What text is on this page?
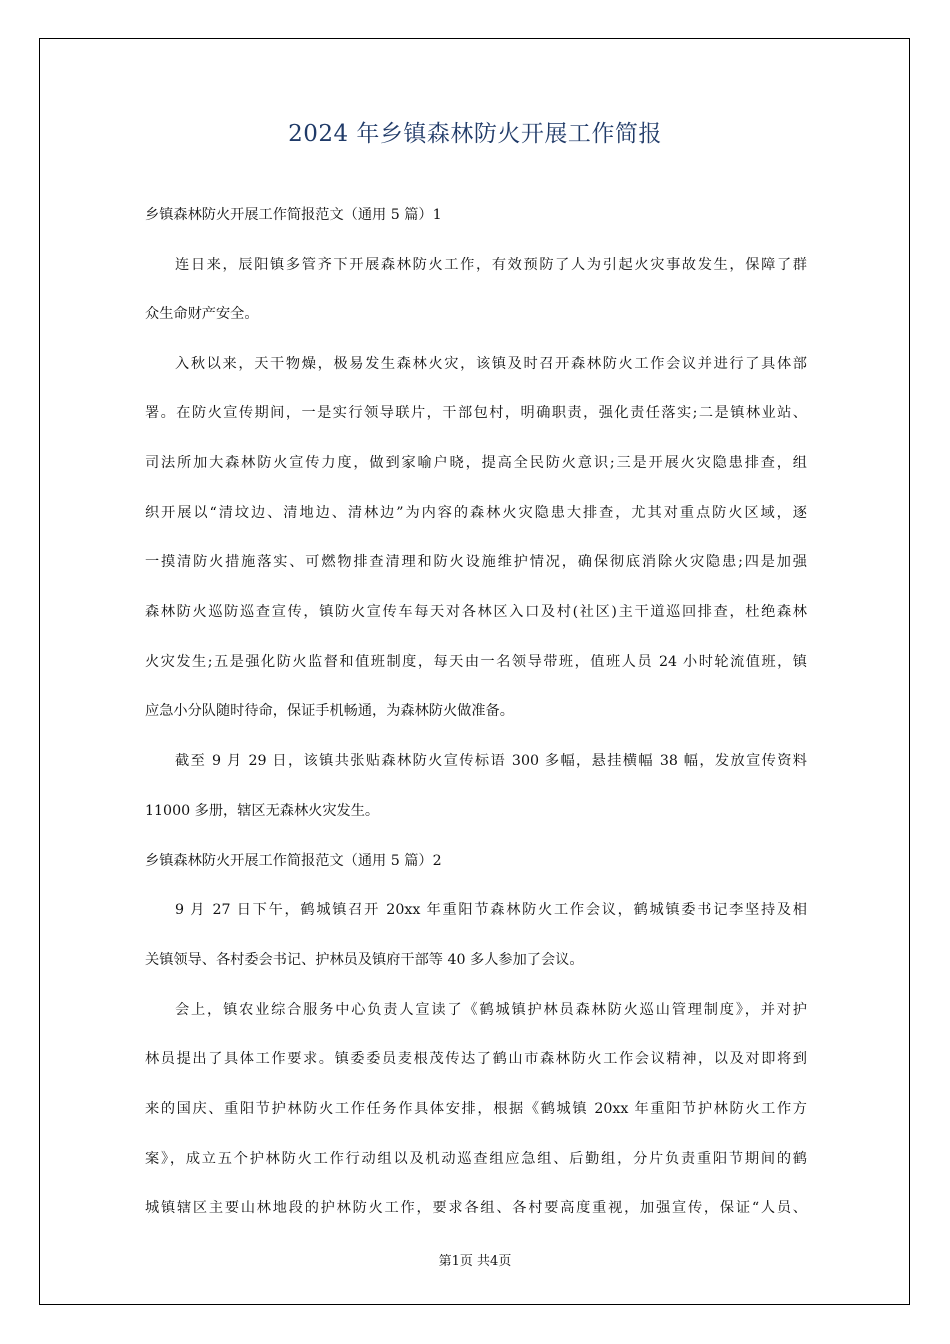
2024 年乡镇森林防火开展工作简报
乡镇森林防火开展工作简报范文（通用 5 篇）1
连日来，辰阳镇多管齐下开展森林防火工作，有效预防了人为引起火灾事故发生，保障了群
众生命财产安全。
入秋以来，天干物燥，极易发生森林火灾，该镇及时召开森林防火工作会议并进行了具体部
署。在防火宣传期间，一是实行领导联片，干部包村，明确职责，强化责任落实;二是镇林业站、
司法所加大森林防火宣传力度，做到家喻户晓，提高全民防火意识;三是开展火灾隐患排查，组
织开展以“清坟边、清地边、清林边”为内容的森林火灾隐患大排查，尤其对重点防火区域，逐
一摸清防火措施落实、可燃物排查清理和防火设施维护情况，确保彻底消除火灾隐患;四是加强
森林防火巡防巡查宣传，镇防火宣传车每天对各林区入口及村(社区)主干道巡回排查，杜绝森林
火灾发生;五是强化防火监督和值班制度，每天由一名领导带班，值班人员 24 小时轮流值班，镇
应急小分队随时待命，保证手机畅通，为森林防火做准备。
截至 9 月 29 日，该镇共张贴森林防火宣传标语 300 多幅，悬挂横幅 38 幅，发放宣传资料
11000 多册，辖区无森林火灾发生。
乡镇森林防火开展工作简报范文（通用 5 篇）2
9 月 27 日下午，鹤城镇召开 20xx 年重阳节森林防火工作会议，鹤城镇委书记李坚持及相
关镇领导、各村委会书记、护林员及镇府干部等 40 多人参加了会议。
会上，镇农业综合服务中心负责人宣读了《鹤城镇护林员森林防火巡山管理制度》，并对护
林员提出了具体工作要求。镇委委员麦根茂传达了鹤山市森林防火工作会议精神，以及对即将到
来的国庆、重阳节护林防火工作任务作具体安排，根据《鹤城镇 20xx 年重阳节护林防火工作方
案》，成立五个护林防火工作行动组以及机动巡查组应急组、后勤组，分片负责重阳节期间的鹤
城镇辖区主要山林地段的护林防火工作，要求各组、各村要高度重视，加强宣传，保证“人员、
第1页 共4页
